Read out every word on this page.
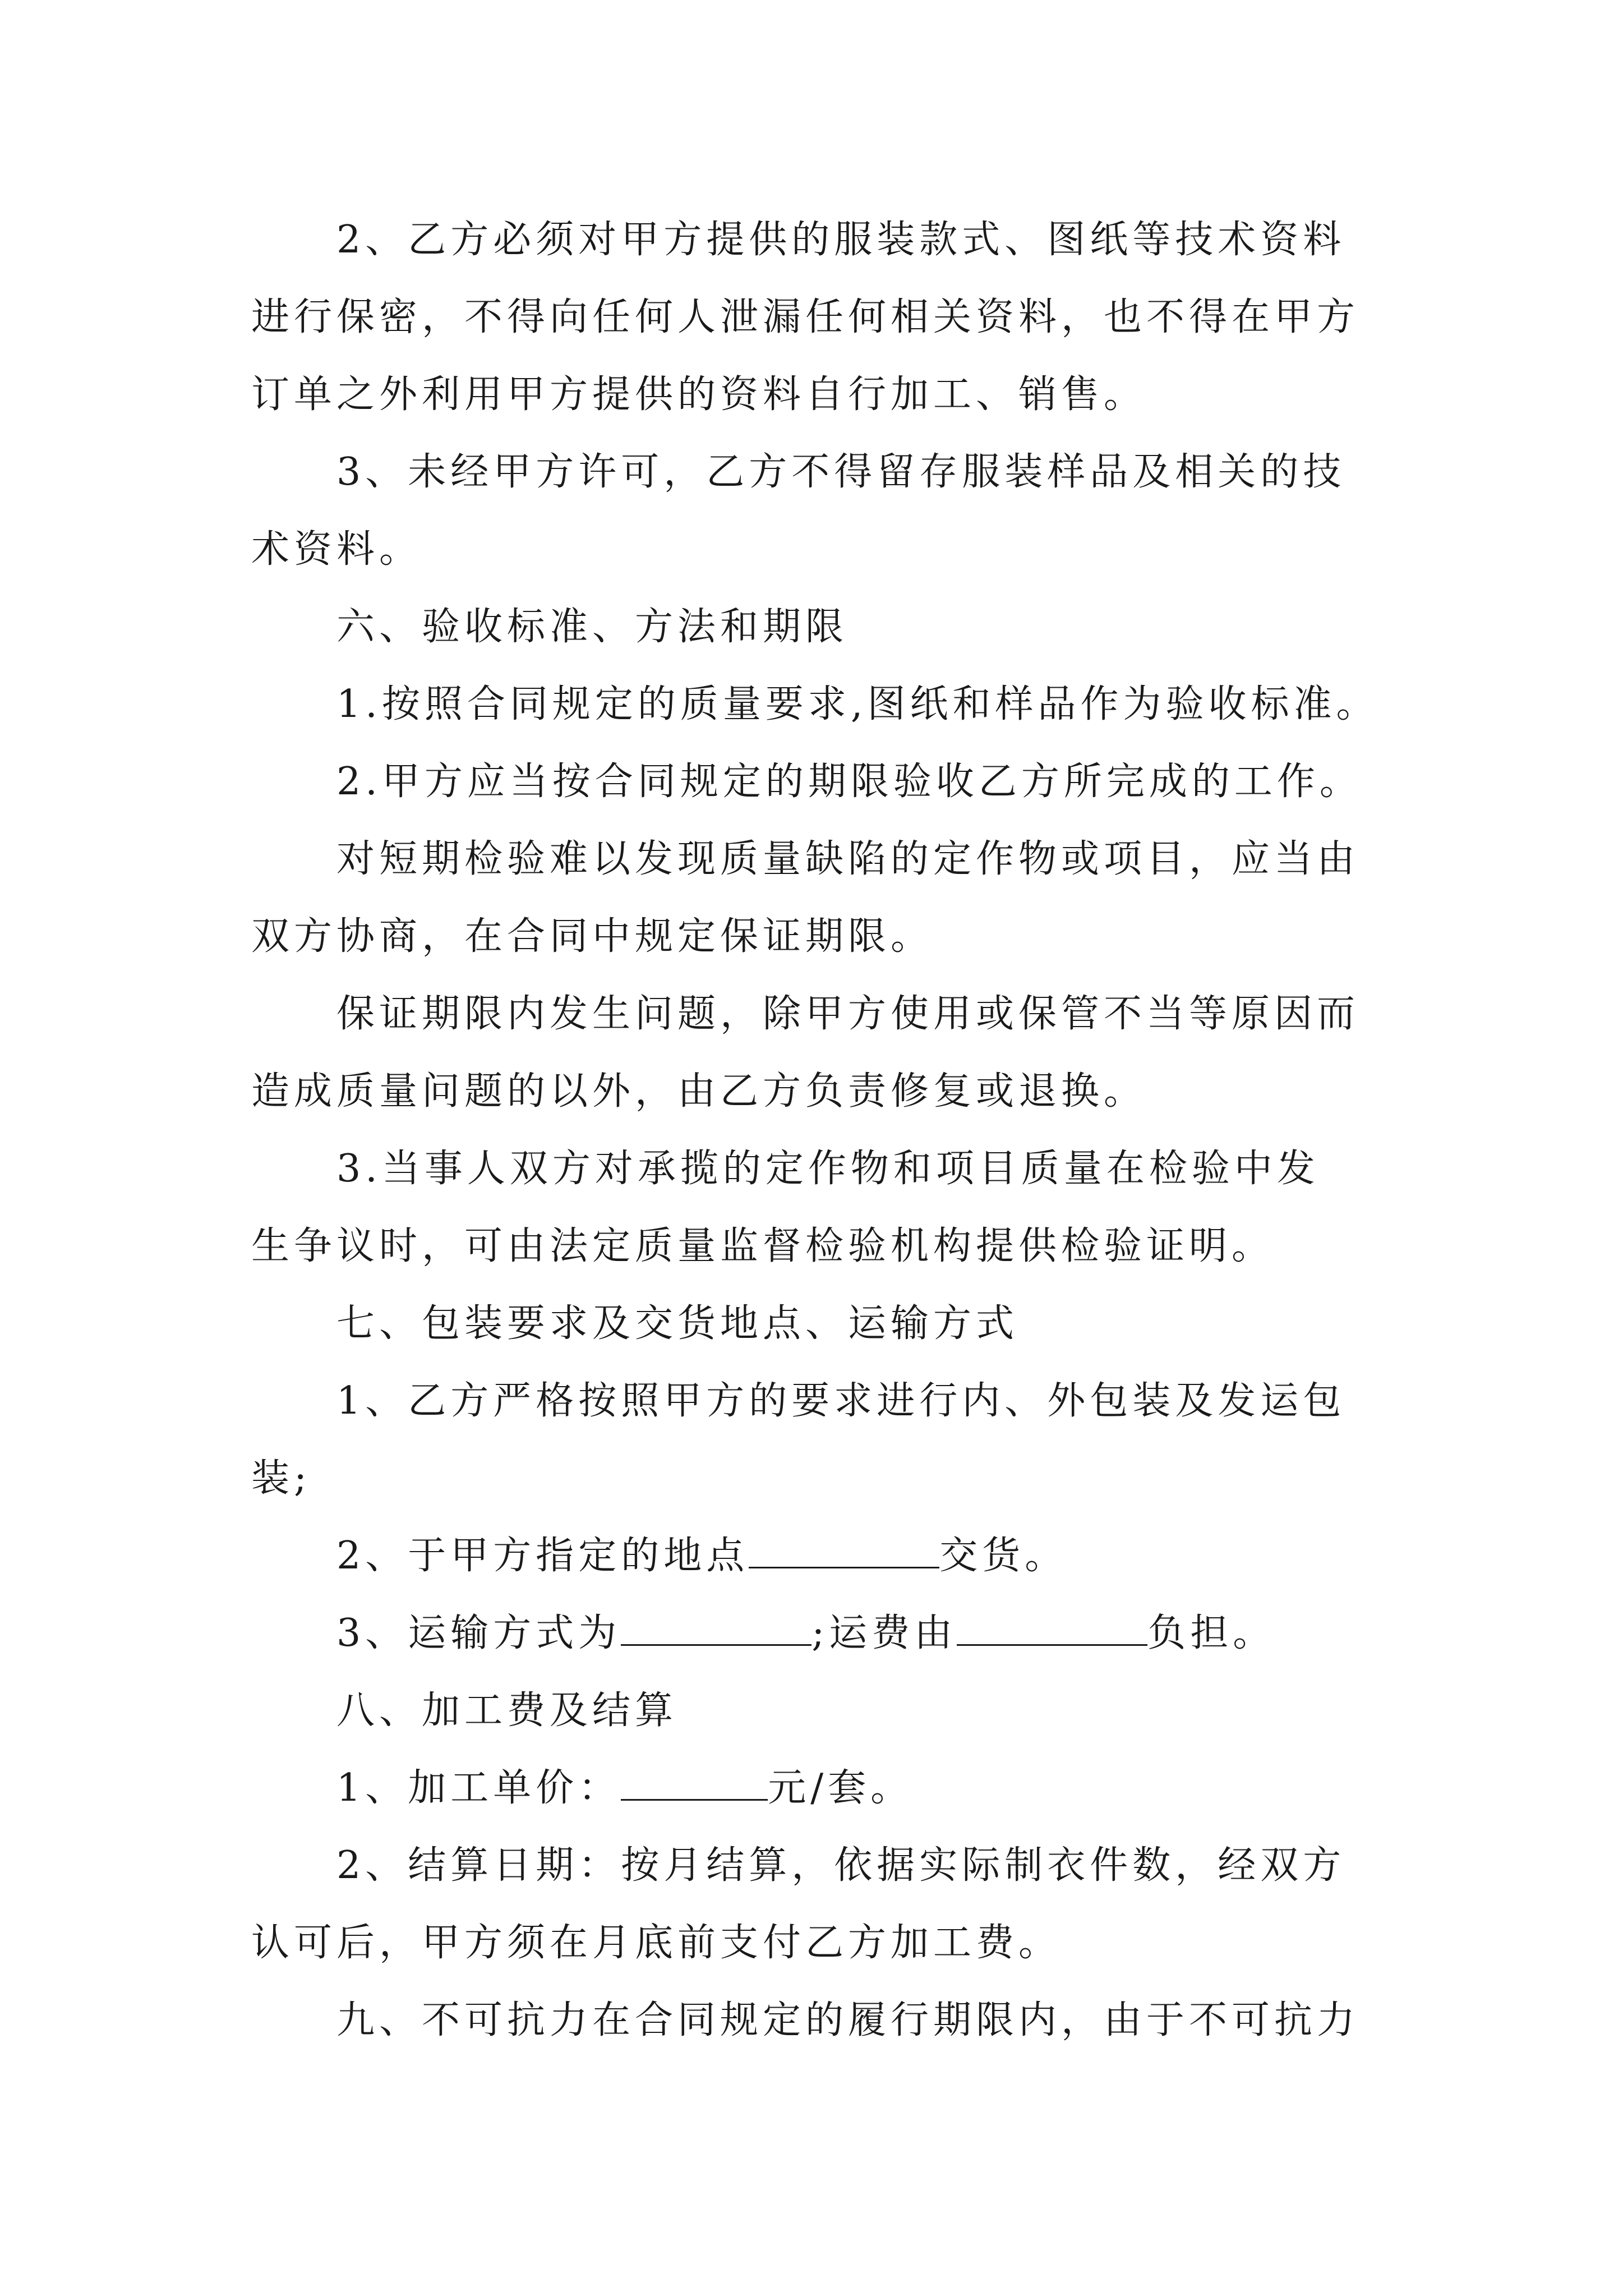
2、乙方必须对甲方提供的服装款式、图纸等技术资料
进行保密，不得向任何人泄漏任何相关资料，也不得在甲方
订单之外利用甲方提供的资料自行加工、销售。
3、未经甲方许可，乙方不得留存服装样品及相关的技
术资料。
六、验收标准、方法和期限
1.按照合同规定的质量要求,图纸和样品作为验收标准。
2.甲方应当按合同规定的期限验收乙方所完成的工作。
对短期检验难以发现质量缺陷的定作物或项目，应当由
双方协商，在合同中规定保证期限。
保证期限内发生问题，除甲方使用或保管不当等原因而
造成质量问题的以外，由乙方负责修复或退换。
3.当事人双方对承揽的定作物和项目质量在检验中发
生争议时，可由法定质量监督检验机构提供检验证明。
七、包装要求及交货地点、运输方式
1、乙方严格按照甲方的要求进行内、外包装及发运包
装;
2、于甲方指定的地点	交货。
3、运输方式为	;运费由	负担。
八、加工费及结算
1、加工单价：	元/套。
2、结算日期：按月结算，依据实际制衣件数，经双方
认可后，甲方须在月底前支付乙方加工费。
九、不可抗力在合同规定的履行期限内，由于不可抗力
